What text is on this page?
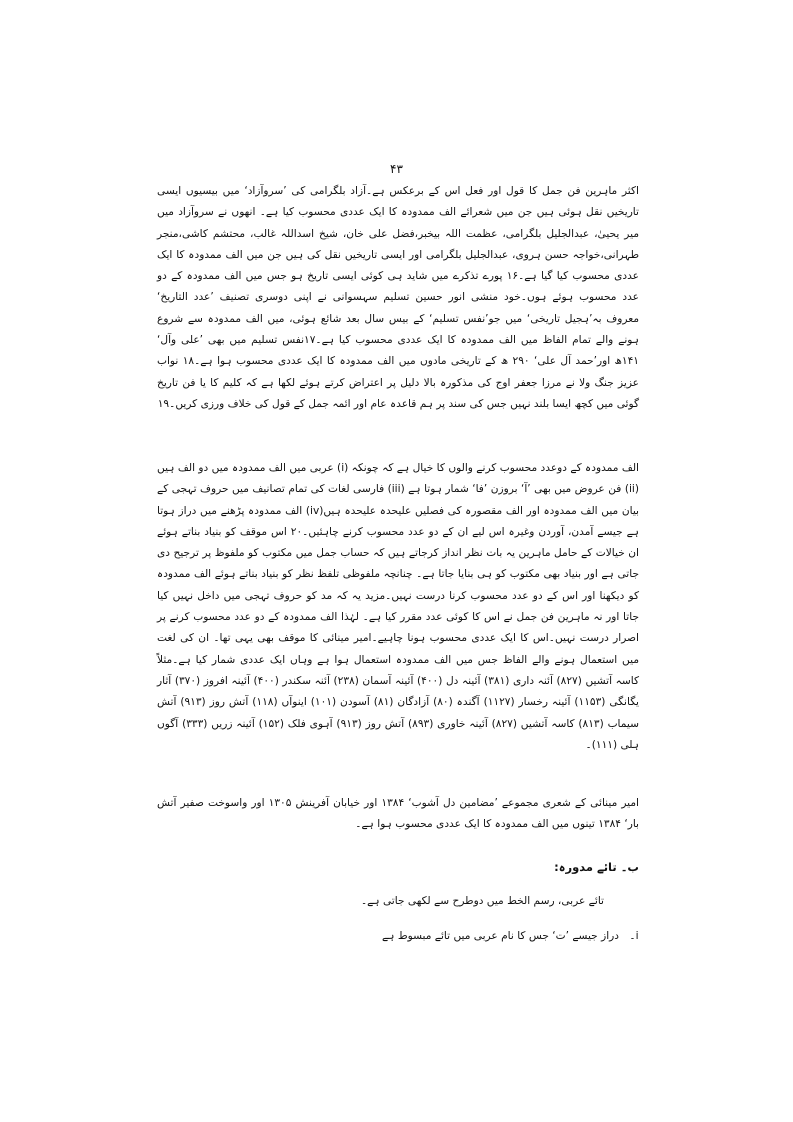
۴۳

اکثر ماہرین فن جمل کا قول اور فعل اس کے برعکس ہے۔آزاد بلگرامی کی ’سروآزاد‘ میں بیسیوں ایسی تاریخیں نقل ہوئی ہیں جن میں شعرائے الف ممدودہ کا ایک عددی محسوب کیا ہے۔ انھوں نے سروآزاد میں میر یحییٰ، عبدالجلیل بلگرامی، عظمت اللہ بیخبر،فضل علی خان، شیخ اسداللہ غالب، محتشم کاشی،منجر طہرانی،خواجہ حسن ہروی، عبدالجلیل بلگرامی اور ایسی تاریخیں نقل کی ہیں جن میں الف ممدودہ کا ایک عددی محسوب کیا گیا ہے۔۱۶ پورے تذکرے میں شاید ہی کوئی ایسی تاریخ ہو جس میں الف ممدودہ کے دو عدد محسوب ہوئے ہوں۔خود منشی انور حسین تسلیم سہسوانی نے اپنی دوسری تصنیف ’عدد التاریخ‘ معروف بہ’ہجیل تاریخی‘ میں جو’نفس تسلیم‘ کے بیس سال بعد شائع ہوئی، میں الف ممدودہ سے شروع ہونے والے تمام الفاظ میں الف ممدودہ کا ایک عددی محسوب کیا ہے۔۱۷نفس تسلیم میں بھی ’علی وآل‘ ۱۴۱ھ اور’حمد آل علی‘ ۲۹۰ ھ کے تاریخی مادوں میں الف ممدودہ کا ایک عددی محسوب ہوا ہے۔۱۸ نواب عزیز جنگ ولا نے مرزا جعفر اوج کی مذکورہ بالا دلیل پر اعتراض کرتے ہوئے لکھا ہے کہ کلیم کا یا فن تاریخ گوئی میں کچھ ایسا بلند نہیں جس کی سند پر ہم قاعدہ عام اور ائمہ جمل کے قول کی خلاف ورزی کریں۔۱۹

الف ممدودہ کے دوعدد محسوب کرنے والوں کا خیال ہے کہ چونکہ (i) عربی میں الف ممدودہ میں دو الف ہیں (ii) فن عروض میں بھی ’آ‘ بروزن ’فا‘ شمار ہوتا ہے (iii) فارسی لغات کی تمام تصانیف میں حروف تہجی کے بیان میں الف ممدودہ اور الف مقصورہ کی فصلیں علیحدہ علیحدہ ہیں(iv) الف ممدودہ پڑھنے میں دراز ہوتا ہے جیسے آمدن، آوردن وغیرہ اس لیے ان کے دو عدد محسوب کرنے چاہئیں۔۲۰ اس موقف کو بنیاد بناتے ہوئے ان خیالات کے حامل ماہرین یہ بات نظر انداز کرجاتے ہیں کہ حساب جمل میں مکتوب کو ملفوظ پر ترجیح دی جاتی ہے اور بنیاد بھی مکتوب کو ہی بنایا جاتا ہے۔ چنانچہ ملفوظی تلفظ نظر کو بنیاد بناتے ہوئے الف ممدودہ کو دیکھنا اور اس کے دو عدد محسوب کرنا درست نہیں۔مزید یہ کہ مد کو حروف تہجی میں داخل نہیں کیا جاتا اور نہ ماہرین فن جمل نے اس کا کوئی عدد مقرر کیا ہے۔ لہٰذا الف ممدودہ کے دو عدد محسوب کرنے پر اصرار درست نہیں۔اس کا ایک عددی محسوب ہونا چاہیے۔امیر مینائی کا موقف بھی یہی تھا۔ ان کی لغت میں استعمال ہونے والے الفاظ جس میں الف ممدودہ استعمال ہوا ہے وہاں ایک عددی شمار کیا ہے۔مثلاً کاسہ آتشیں (۸۲۷) آئنہ داری (۳۸۱) آئینہ دل (۴۰۰) آئینہ آسمان (۲۳۸) آئنہ سکندر (۴۰۰) آئینہ افروز (۳۷۰) آثار یگانگی (۱۱۵۳) آئینہ رخسار (۱۱۲۷) آگندہ (۸۰) آزادگان (۸۱) آسودن (۱۰۱) اینوآں (۱۱۸) آتش روز (۹۱۳) آتش سیماب (۸۱۳) کاسہ آتشیں (۸۲۷) آئینہ خاوری (۸۹۳) آتش روز (۹۱۳) آہوی فلک (۱۵۲) آئینہ زریں (۳۳۳) آگوں ہلی (۱۱۱)۔

امیر مینائی کے شعری مجموعے ’مضامین دل آشوب‘ ۱۳۸۴ اور خیابان آفرینش ۱۳۰۵ اور واسوخت صفیر آتش بار‘ ۱۳۸۴ تینوں میں الف ممدودہ کا ایک عددی محسوب ہوا ہے۔

ب۔ تائے مدورہ:
تائے عربی، رسم الخط میں دوطرح سے لکھی جاتی ہے۔
i۔
دراز جیسے ’ت‘ جس کا نام عربی میں تائے مبسوط ہے
